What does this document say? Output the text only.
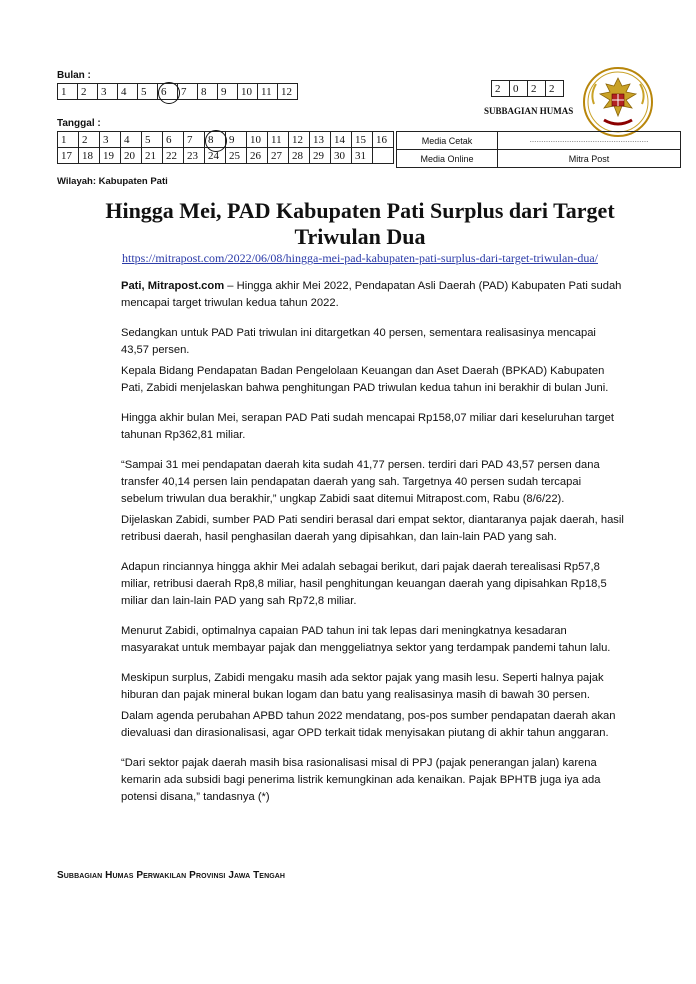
Bulan :
1	2	3	4	5	6	7	8	9	10	11	12
Tanggal :
1	2	3	4	5	6	7	8	9	10	11	12	13	14	15	16
17	18	19	20	21	22	23	24	25	26	27	28	29	30	31	
2	0	2	2
SUBBAGIAN HUMAS
Media Cetak	……………………………………………
Media Online	Mitra Post
Wilayah: Kabupaten Pati
Hingga Mei, PAD Kabupaten Pati Surplus dari Target Triwulan Dua
https://mitrapost.com/2022/06/08/hingga-mei-pad-kabupaten-pati-surplus-dari-target-triwulan-dua/

Pati, Mitrapost.com – Hingga akhir Mei 2022, Pendapatan Asli Daerah (PAD) Kabupaten Pati sudah mencapai target triwulan kedua tahun 2022.

Sedangkan untuk PAD Pati triwulan ini ditargetkan 40 persen, sementara realisasinya mencapai 43,57 persen.

Kepala Bidang Pendapatan Badan Pengelolaan Keuangan dan Aset Daerah (BPKAD) Kabupaten Pati, Zabidi menjelaskan bahwa penghitungan PAD triwulan kedua tahun ini berakhir di bulan Juni.

Hingga akhir bulan Mei, serapan PAD Pati sudah mencapai Rp158,07 miliar dari keseluruhan target tahunan Rp362,81 miliar.

“Sampai 31 mei pendapatan daerah kita sudah 41,77 persen. terdiri dari PAD 43,57 persen dana transfer 40,14 persen lain pendapatan daerah yang sah. Targetnya 40 persen sudah tercapai sebelum triwulan dua berakhir,” ungkap Zabidi saat ditemui Mitrapost.com, Rabu (8/6/22).

Dijelaskan Zabidi, sumber PAD Pati sendiri berasal dari empat sektor, diantaranya pajak daerah, hasil retribusi daerah, hasil penghasilan daerah yang dipisahkan, dan lain-lain PAD yang sah.

Adapun rinciannya hingga akhir Mei adalah sebagai berikut, dari pajak daerah terealisasi Rp57,8 miliar, retribusi daerah Rp8,8 miliar, hasil penghitungan keuangan daerah yang dipisahkan Rp18,5 miliar dan lain-lain PAD yang sah Rp72,8 miliar.

Menurut Zabidi, optimalnya capaian PAD tahun ini tak lepas dari meningkatnya kesadaran masyarakat untuk membayar pajak dan menggeliatnya sektor yang terdampak pandemi tahun lalu.

Meskipun surplus, Zabidi mengaku masih ada sektor pajak yang masih lesu. Seperti halnya pajak hiburan dan pajak mineral bukan logam dan batu yang realisasinya masih di bawah 30 persen.

Dalam agenda perubahan APBD tahun 2022 mendatang, pos-pos sumber pendapatan daerah akan dievaluasi dan dirasionalisasi, agar OPD terkait tidak menyisakan piutang di akhir tahun anggaran.

“Dari sektor pajak daerah masih bisa rasionalisasi misal di PPJ (pajak penerangan jalan) karena kemarin ada subsidi bagi penerima listrik kemungkinan ada kenaikan. Pajak BPHTB juga iya ada potensi disana,” tandasnya (*)

Subbagian Humas Perwakilan Provinsi Jawa Tengah
